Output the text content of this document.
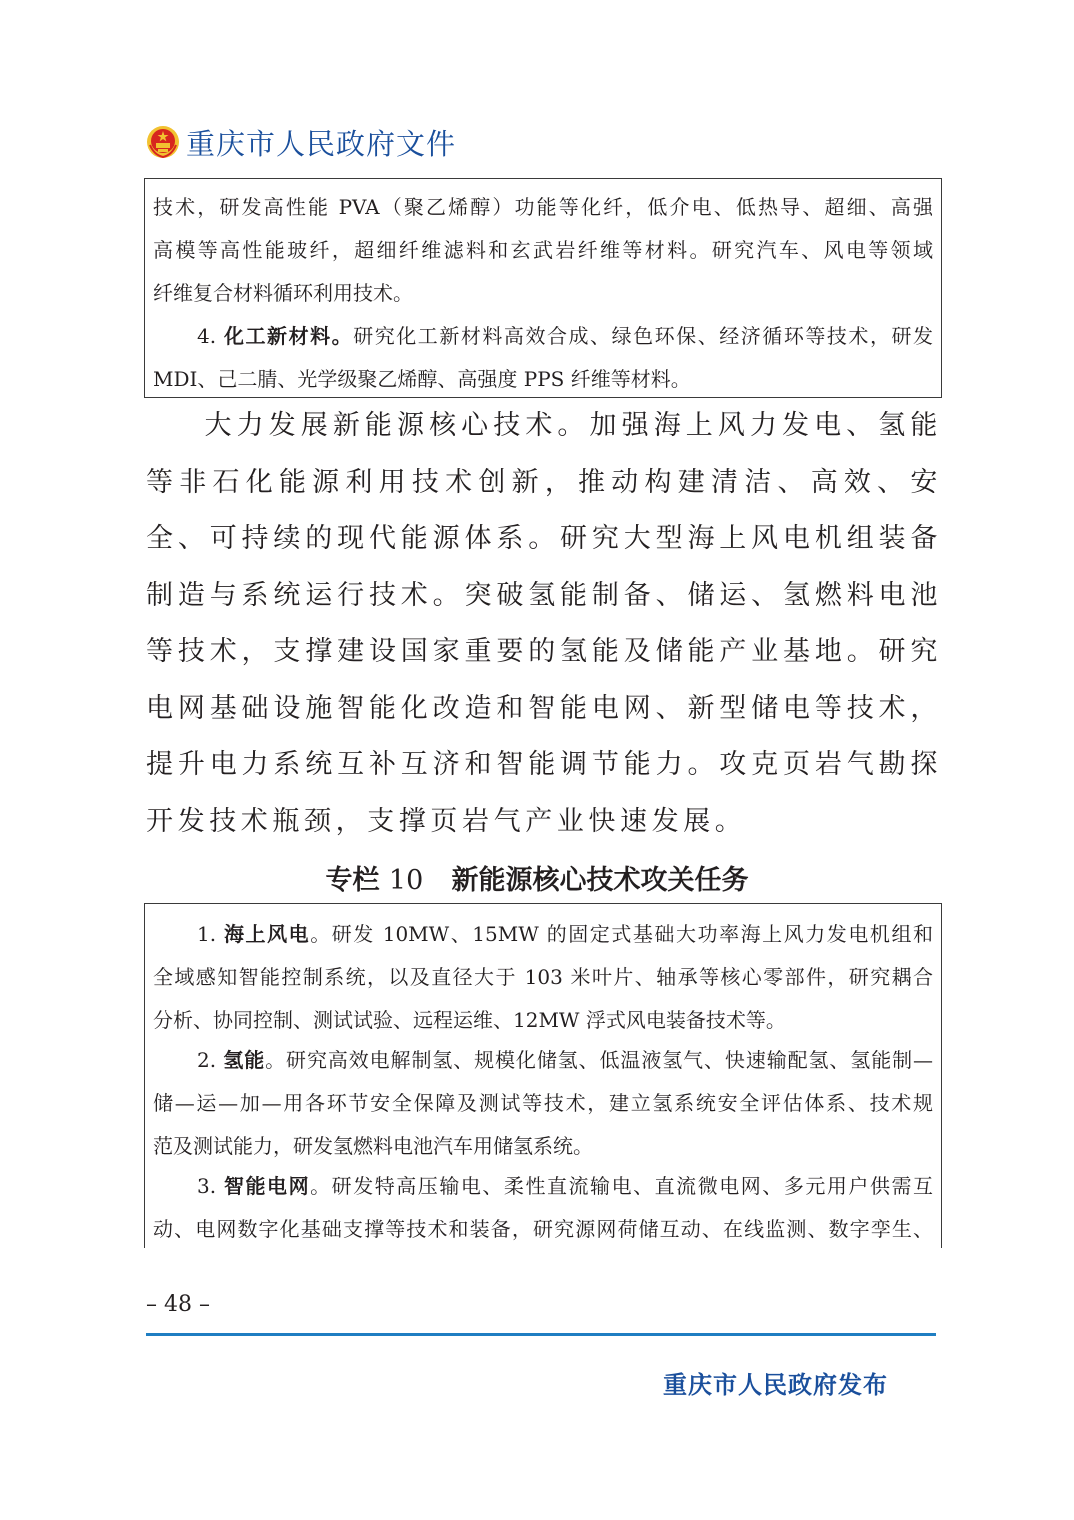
重庆市人民政府文件

技术，研发高性能 PVA（聚乙烯醇）功能等化纤，低介电、低热导、超细、高强

高模等高性能玻纤，超细纤维滤料和玄武岩纤维等材料。研究汽车、风电等领域

纤维复合材料循环利用技术。

4. 化工新材料。研究化工新材料高效合成、绿色环保、经济循环等技术，研发

MDI、己二腈、光学级聚乙烯醇、高强度 PPS 纤维等材料。

大力发展新能源核心技术。加强海上风力发电、氢能等非石化能源利用技术创新，推动构建清洁、高效、安全、可持续的现代能源体系。研究大型海上风电机组装备制造与系统运行技术。突破氢能制备、储运、氢燃料电池等技术，支撑建设国家重要的氢能及储能产业基地。研究电网基础设施智能化改造和智能电网、新型储电等技术，提升电力系统互补互济和智能调节能力。攻克页岩气勘探开发技术瓶颈，支撑页岩气产业快速发展。

专栏 10 新能源核心技术攻关任务

1. 海上风电。研发 10MW、15MW 的固定式基础大功率海上风力发电机组和

全域感知智能控制系统，以及直径大于 103 米叶片、轴承等核心零部件，研究耦合

分析、协同控制、测试试验、远程运维、12MW 浮式风电装备技术等。

2. 氢能。研究高效电解制氢、规模化储氢、低温液氢气、快速输配氢、氢能制—

储—运—加—用各环节安全保障及测试等技术，建立氢系统安全评估体系、技术规

范及测试能力，研发氢燃料电池汽车用储氢系统。

3. 智能电网。研发特高压输电、柔性直流输电、直流微电网、多元用户供需互

动、电网数字化基础支撑等技术和装备，研究源网荷储互动、在线监测、数字孪生、

– 48 –
重庆市人民政府发布
